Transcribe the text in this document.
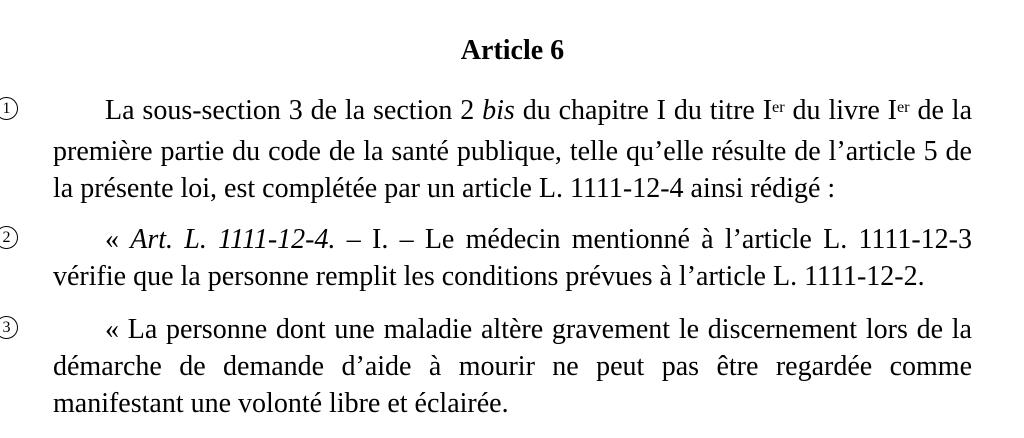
Article 6
1	La sous-section 3 de la section 2 bis du chapitre I du titre Ier du livre Ier de la
première partie du code de la santé publique, telle qu’elle résulte de l’article 5 de
la présente loi, est complétée par un article L. 1111-12-4 ainsi rédigé :
2	« Art. L. 1111-12-4. – I. – Le médecin mentionné à l’article L. 1111-12-3
vérifie que la personne remplit les conditions prévues à l’article L. 1111-12-2.
3	« La personne dont une maladie altère gravement le discernement lors de la
démarche de demande d’aide à mourir ne peut pas être regardée comme
manifestant une volonté libre et éclairée.
